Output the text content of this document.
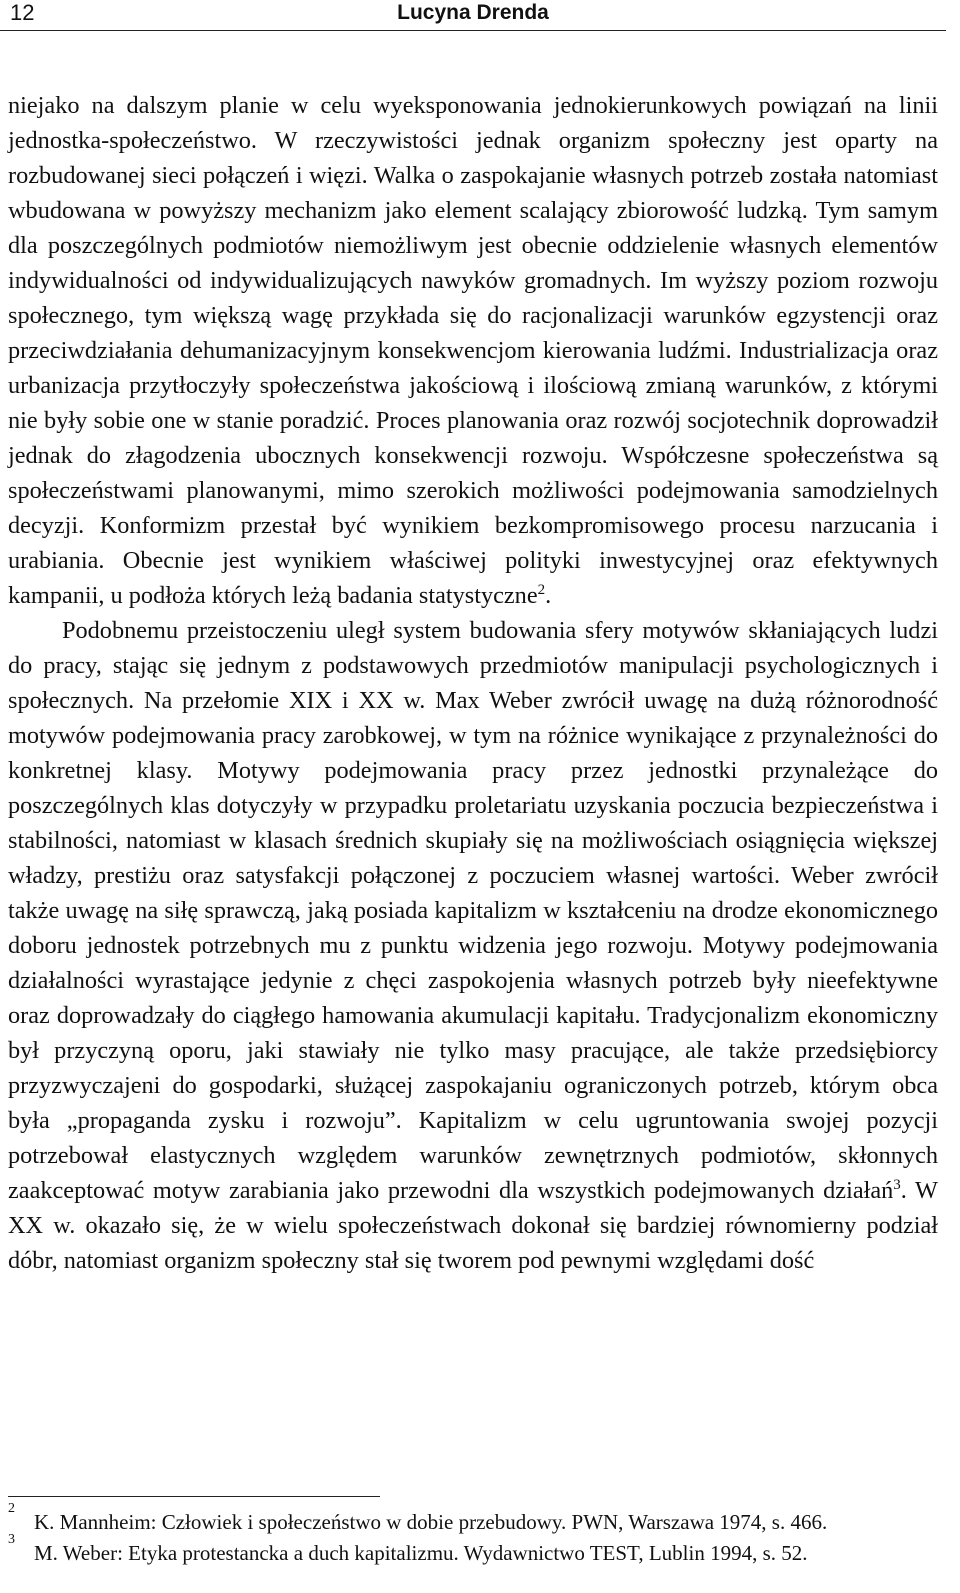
12	Lucyna Drenda

niejako na dalszym planie w celu wyeksponowania jednokierunkowych powiązań na linii jednostka-społeczeństwo. W rzeczywistości jednak organizm społeczny jest oparty na rozbudowanej sieci połączeń i więzi. Walka o zaspokajanie własnych potrzeb została natomiast wbudowana w powyższy mechanizm jako element scalający zbiorowość ludzką. Tym samym dla poszczególnych podmiotów niemożliwym jest obecnie oddzielenie własnych elementów indywidualności od indywidualizujących nawyków gromadnych. Im wyższy poziom rozwoju społecznego, tym większą wagę przykłada się do racjonalizacji warunków egzystencji oraz przeciwdziałania dehumanizacyjnym konsekwencjom kierowania ludźmi. Industrializacja oraz urbanizacja przytłoczyły społeczeństwa jakościową i ilościową zmianą warunków, z którymi nie były sobie one w stanie poradzić. Proces planowania oraz rozwój socjotechnik doprowadził jednak do złagodzenia ubocznych konsekwencji rozwoju. Współczesne społeczeństwa są społeczeństwami planowanymi, mimo szerokich możliwości podejmowania samodzielnych decyzji. Konformizm przestał być wynikiem bezkompromisowego procesu narzucania i urabiania. Obecnie jest wynikiem właściwej polityki inwestycyjnej oraz efektywnych kampanii, u podłoża których leżą badania statystyczne$^2$.

Podobnemu przeistoczeniu uległ system budowania sfery motywów skłaniających ludzi do pracy, stając się jednym z podstawowych przedmiotów manipulacji psychologicznych i społecznych. Na przełomie XIX i XX w. Max Weber zwrócił uwagę na dużą różnorodność motywów podejmowania pracy zarobkowej, w tym na różnice wynikające z przynależności do konkretnej klasy. Motywy podejmowania pracy przez jednostki przynależące do poszczególnych klas dotyczyły w przypadku proletariatu uzyskania poczucia bezpieczeństwa i stabilności, natomiast w klasach średnich skupiały się na możliwościach osiągnięcia większej władzy, prestiżu oraz satysfakcji połączonej z poczuciem własnej wartości. Weber zwrócił także uwagę na siłę sprawczą, jaką posiada kapitalizm w kształceniu na drodze ekonomicznego doboru jednostek potrzebnych mu z punktu widzenia jego rozwoju. Motywy podejmowania działalności wyrastające jedynie z chęci zaspokojenia własnych potrzeb były nieefektywne oraz doprowadzały do ciągłego hamowania akumulacji kapitału. Tradycjonalizm ekonomiczny był przyczyną oporu, jaki stawiały nie tylko masy pracujące, ale także przedsiębiorcy przyzwyczajeni do gospodarki, służącej zaspokajaniu ograniczonych potrzeb, którym obca była „propaganda zysku i rozwoju”. Kapitalizm w celu ugruntowania swojej pozycji potrzebował elastycznych względem warunków zewnętrznych podmiotów, skłonnych zaakceptować motyw zarabiania jako przewodni dla wszystkich podejmowanych działań$^3$. W XX w. okazało się, że w wielu społeczeństwach dokonał się bardziej równomierny podział dóbr, natomiast organizm społeczny stał się tworem pod pewnymi względami dość

2
K. Mannheim: Człowiek i społeczeństwo w dobie przebudowy. PWN, Warszawa 1974, s. 466.
3
M. Weber: Etyka protestancka a duch kapitalizmu. Wydawnictwo TEST, Lublin 1994, s. 52.
